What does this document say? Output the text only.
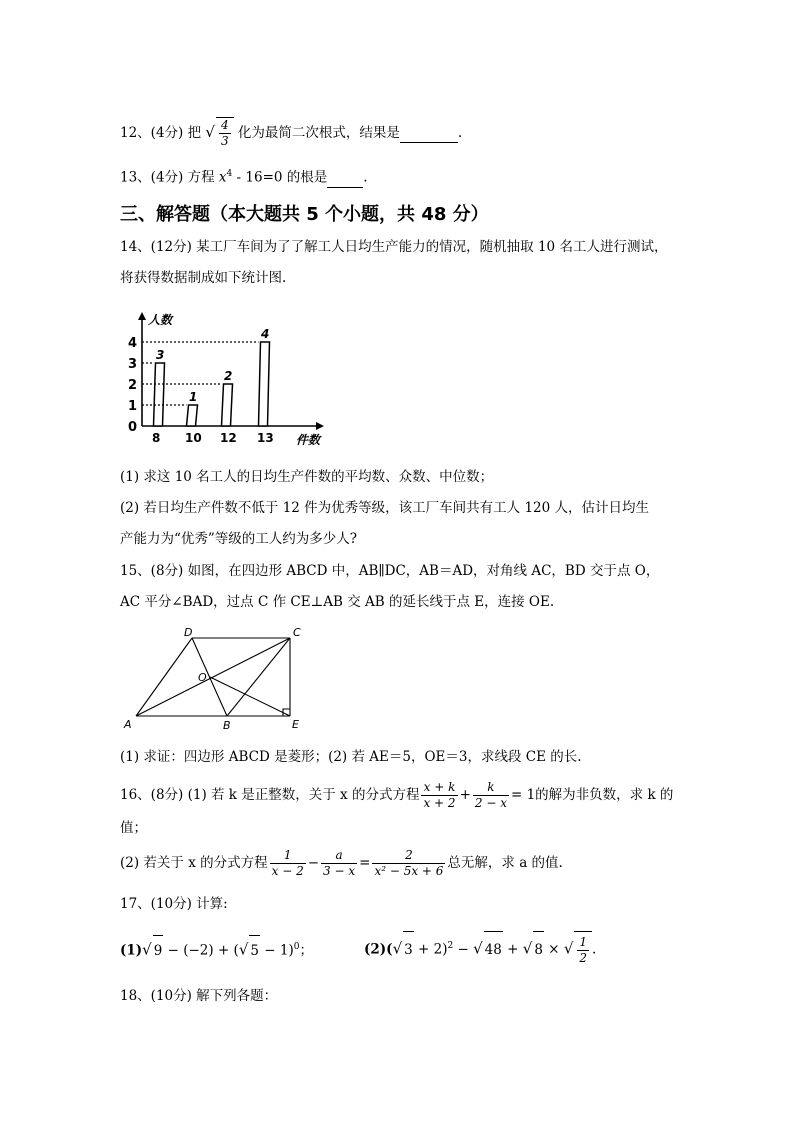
12、(4分) 把 √ $\frac{4}{3}$ 化为最简二次根式，结果是	.
13、(4分) 方程 $x^4 - 16=0$ 的根是	.
三、解答题（本大题共 5 个小题，共 48 分）
14、(12分) 某工厂车间为了了解工人日均生产能力的情况，随机抽取 10 名工人进行测试，
将获得数据制成如下统计图.
人数
件数
0
1
2
3
4
3
8
1
10
2
12
4
13
(1) 求这 10 名工人的日均生产件数的平均数、众数、中位数；
(2) 若日均生产件数不低于 12 件为优秀等级，该工厂车间共有工人 120 人，估计日均生
产能力为“优秀”等级的工人约为多少人?
15、(8分) 如图，在四边形 ABCD 中，AB∥DC，AB＝AD，对角线 AC，BD 交于点 O，
AC 平分∠BAD，过点 C 作 CE⊥AB 交 AB 的延长线于点 E，连接 OE.
A	B
C
D
E
O
(1) 求证：四边形 ABCD 是菱形；(2) 若 AE＝5，OE＝3，求线段 CE 的长.
16、(8分) (1) 若 k 是正整数，关于 x 的分式方程 $\frac{x + k}{x + 2} + \frac{k}{2 - x} = 1$的解为非负数，求 k 的
值；
(2) 若关于 x 的分式方程 $\frac{1}{x - 2} - \frac{a}{3 - x} = \frac{2}{\text{x² − 5x + 6}}$ 总无解，求 a 的值.
17、(10分) 计算:
(1)√ 9 − (−2) + (√ 5 − 1)$^0$；	(2)(√ 3 + 2)$^2$ − √ 48 + √ 8 × √ $\frac{1}{2}$ .
18、(10分) 解下列各题：
